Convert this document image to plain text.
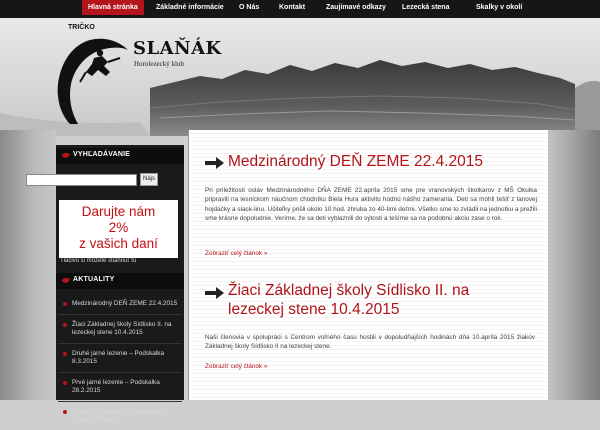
Hlavná stránka	Základné informácie	O Nás	Kontakt	Zaujímavé odkazy	Lezecká stena	Skalky v okolí
SLAŇÁK
Horolezecký klub
TRIČKO
VYHĽADÁVANIE
AKTUALITY
Nájs
Darujte nám
2%
z vašich daní
Tlačivo si môžete stiahnuť tu
Medzinárodný DEŇ ZEME 22.4.2015
Žiaci Základnej školy Sídlisko II. na lezeckej stene 10.4.2015
Druhé jarné lezenie – Podskalka 8.3.2015
Prvé jarné lezenie – Podskalka 28.2.2015
Novoročná beseda s himalájistom Vladom Štrbom
Medzinárodný DEŇ ZEME 22.4.2015
Pri príležitosti osláv Medzinárodného DŇA ZEME 22.apríla 2015 sme pre vranovských školkarov z MŠ Okulka pripravili na lesníckom náučnom chodníku Biela Hura aktivitu hodnú nášho zamerania. Deti sa mohli tešiť z lanovej hojdačky a slack-linu. Učiteľky prišli okolo 10 hod. zhruba zo 40-timi deťmi. Všetko sme to zvládli na jednotku a prežili sme krásne dopoludnie. Veríme, že sa deti vyblaznili do sýtosti a tešíme sa na podobnú akciu zase o rok.
Zobraziť celý článok »
Žiaci Základnej školy Sídlisko II. na
lezeckej stene 10.4.2015
Naši členovia v spolupráci s Centrom voľného času hostili v dopoludňajších hodinách dňa 10.apríla 2015 žiakov Základnej školy Sídlisko II na lezeckej stene.
Zobraziť celý článok »
